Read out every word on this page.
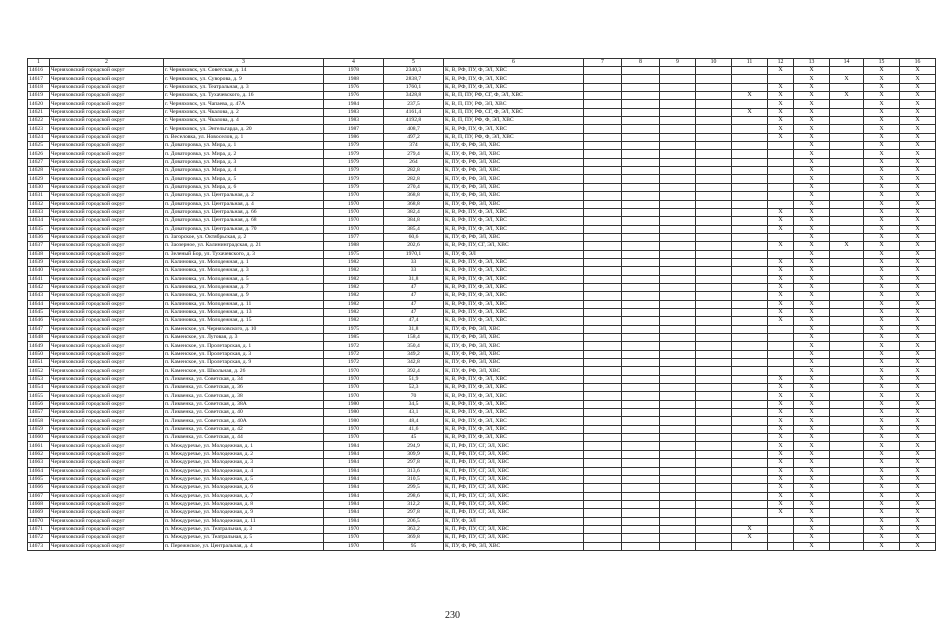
1	2	3	4	5	6	7	8	9	10	11	12	13	14	15	16
14616	Черняховский городской округ	г. Черняховск, ул. Советская, д. 14	1978	2340,3	К, В, РФ, ПУ, Ф, ЭЛ, ХВС						Х	Х		Х	Х
14617	Черняховский городской округ	г. Черняховск, ул. Суворова, д. 9	1988	2838,7	К, В, РФ, ПУ, Ф, ЭЛ, ХВС							Х	Х	Х	Х
14618	Черняховский городской округ	г. Черняховск, ул. Театральная, д. 3	1976	1760,1	К, В, РФ, ПУ, Ф, ЭЛ, ХВС						Х	Х		Х	Х
14619	Черняховский городской округ	г. Черняховск, ул. Тухачевского, д. 16	1976	3428,8	К, В, П, ПУ, РФ, СГ, Ф, ЭЛ, ХВС					Х	Х	Х	Х	Х	Х
14620	Черняховский городской округ	г. Черняховск, ул. Чапаева, д. 47А	1984	237,5	К, В, П, ПУ, РФ, ЭЛ, ХВС						Х	Х		Х	Х
14621	Черняховский городской округ	г. Черняховск, ул. Чкалова, д. 2	1983	4161,4	К, В, П, ПУ, РФ, СГ, Ф, ЭЛ, ХВС					Х	Х	Х		Х	Х
14622	Черняховский городской округ	г. Черняховск, ул. Чкалова, д. 4	1983	4192,8	К, В, П, ПУ, РФ, Ф, ЭЛ, ХВС						Х	Х		Х	Х
14623	Черняховский городской округ	г. Черняховск, ул. Энгельгарда, д. 20	1987	408,7	К, В, РФ, ПУ, Ф, ЭЛ, ХВС						Х	Х		Х	Х
14624	Черняховский городской округ	п. Веселовка, ул. Новоселов, д. 1	1986	497,2	К, В, П, ПУ, РФ, Ф, ЭЛ, ХВС						Х	Х		Х	Х
14625	Черняховский городской округ	п. Доватоpовка, ул. Мира, д. 1	1979	374	К, ПУ, Ф, РФ, ЭЛ, ХВС							Х		Х	Х
14626	Черняховский городской округ	п. Доватоpовка, ул. Мира, д. 2	1979	279,4	К, ПУ, Ф, РФ, ЭЛ, ХВС							Х		Х	Х
14627	Черняховский городской округ	п. Доватоpовка, ул. Мира, д. 3	1979	264	К, ПУ, Ф, РФ, ЭЛ, ХВС							Х		Х	Х
14628	Черняховский городской округ	п. Доватоpовка, ул. Мира, д. 4	1979	282,8	К, ПУ, Ф, РФ, ЭЛ, ХВС							Х		Х	Х
14629	Черняховский городской округ	п. Доватоpовка, ул. Мира, д. 5	1979	282,8	К, ПУ, Ф, РФ, ЭЛ, ХВС							Х		Х	Х
14630	Черняховский городской округ	п. Доватоpовка, ул. Мира, д. 6	1979	270,4	К, ПУ, Ф, РФ, ЭЛ, ХВС							Х		Х	Х
14631	Черняховский городской округ	п. Доватоpовка, ул. Центральная, д. 2	1970	368,8	К, ПУ, Ф, РФ, ЭЛ, ХВС							Х		Х	Х
14632	Черняховский городской округ	п. Доватоpовка, ул. Центральная, д. 4	1970	368,8	К, ПУ, Ф, РФ, ЭЛ, ХВС							Х		Х	Х
14633	Черняховский городской округ	п. Доватоpовка, ул. Центральная, д. 66	1970	382,4	К, В, РФ, ПУ, Ф, ЭЛ, ХВС						Х	Х		Х	Х
14634	Черняховский городской округ	п. Доватоpовка, ул. Центральная, д. 68	1970	384,8	К, В, РФ, ПУ, Ф, ЭЛ, ХВС						Х	Х		Х	Х
14635	Черняховский городской округ	п. Доватоpовка, ул. Центральная, д. 70	1970	385,4	К, В, РФ, ПУ, Ф, ЭЛ, ХВС						Х	Х		Х	Х
14636	Черняховский городской округ	п. Загорское, ул. Октябрьская, д. 2	1977	60,6	К, ПУ, Ф, РФ, ЭЛ, ХВС							Х		Х	Х
14637	Черняховский городской округ	п. Заозерное, ул. Калининградская, д. 21	1988	202,6	К, В, РФ, ПУ, СГ, ЭЛ, ХВС						Х	Х	Х	Х	Х
14638	Черняховский городской округ	п. Зеленый Бор, ул. Тухачевского, д. 3	1975	1970,1	К, ПУ, Ф, ЭЛ							Х		Х	Х
14639	Черняховский городской округ	п. Калиновка, ул. Молодежная, д. 1	1982	33	К, В, РФ, ПУ, Ф, ЭЛ, ХВС						Х	Х		Х	Х
14640	Черняховский городской округ	п. Калиновка, ул. Молодежная, д. 3	1982	33	К, В, РФ, ПУ, Ф, ЭЛ, ХВС						Х	Х		Х	Х
14641	Черняховский городской округ	п. Калиновка, ул. Молодежная, д. 5	1982	31,8	К, В, РФ, ПУ, Ф, ЭЛ, ХВС						Х	Х		Х	Х
14642	Черняховский городской округ	п. Калиновка, ул. Молодежная, д. 7	1982	47	К, В, РФ, ПУ, Ф, ЭЛ, ХВС						Х	Х		Х	Х
14643	Черняховский городской округ	п. Калиновка, ул. Молодежная, д. 9	1982	47	К, В, РФ, ПУ, Ф, ЭЛ, ХВС						Х	Х		Х	Х
14644	Черняховский городской округ	п. Калиновка, ул. Молодежная, д. 11	1982	47	К, В, РФ, ПУ, Ф, ЭЛ, ХВС						Х	Х		Х	Х
14645	Черняховский городской округ	п. Калиновка, ул. Молодежная, д. 13	1982	47	К, В, РФ, ПУ, Ф, ЭЛ, ХВС						Х	Х		Х	Х
14646	Черняховский городской округ	п. Калиновка, ул. Молодежная, д. 15	1982	47,4	К, В, РФ, ПУ, Ф, ЭЛ, ХВС						Х	Х		Х	Х
14647	Черняховский городской округ	п. Каменское, ул. Черняховского, д. 10	1975	31,8	К, ПУ, Ф, РФ, ЭЛ, ХВС							Х		Х	Х
14648	Черняховский городской округ	п. Каменское, ул. Луговая, д. 3	1985	158,4	К, ПУ, Ф, РФ, ЭЛ, ХВС							Х		Х	Х
14649	Черняховский городской округ	п. Каменское, ул. Пролетарская, д. 1	1972	350,4	К, ПУ, Ф, РФ, ЭЛ, ХВС							Х		Х	Х
14650	Черняховский городской округ	п. Каменское, ул. Пролетарская, д. 3	1972	349,2	К, ПУ, Ф, РФ, ЭЛ, ХВС							Х		Х	Х
14651	Черняховский городской округ	п. Каменское, ул. Пролетарская, д. 9	1972	342,8	К, ПУ, Ф, РФ, ЭЛ, ХВС							Х		Х	Х
14652	Черняховский городской округ	п. Каменское, ул. Школьная, д. 26	1970	392,4	К, ПУ, Ф, РФ, ЭЛ, ХВС							Х		Х	Х
14653	Черняховский городской округ	п. Ликвенка, ул. Советская, д. 34	1970	51,9	К, В, РФ, ПУ, Ф, ЭЛ, ХВС						Х	Х		Х	Х
14654	Черняховский городской округ	п. Ликвенка, ул. Советская, д. 36	1970	52,3	К, В, РФ, ПУ, Ф, ЭЛ, ХВС						Х	Х		Х	Х
14655	Черняховский городской округ	п. Ликвенка, ул. Советская, д. 38	1970	70	К, В, РФ, ПУ, Ф, ЭЛ, ХВС						Х	Х		Х	Х
14656	Черняховский городской округ	п. Ликвенка, ул. Советская, д. 38А	1980	34,5	К, В, РФ, ПУ, Ф, ЭЛ, ХВС						Х	Х		Х	Х
14657	Черняховский городской округ	п. Ликвенка, ул. Советская, д. 40	1980	43,1	К, В, РФ, ПУ, Ф, ЭЛ, ХВС						Х	Х		Х	Х
14658	Черняховский городской округ	п. Ликвенка, ул. Советская, д. 40А	1980	48,4	К, В, РФ, ПУ, Ф, ЭЛ, ХВС						Х	Х		Х	Х
14659	Черняховский городской округ	п. Ликвенка, ул. Советская, д. 42	1970	41,6	К, В, РФ, ПУ, Ф, ЭЛ, ХВС						Х	Х		Х	Х
14660	Черняховский городской округ	п. Ликвенка, ул. Советская, д. 44	1970	45	К, В, РФ, ПУ, Ф, ЭЛ, ХВС						Х	Х		Х	Х
14661	Черняховский городской округ	п. Междуречье, ул. Молодежная, д. 1	1984	294,9	К, П, РФ, ПУ, СГ, ЭЛ, ХВС						Х	Х		Х	Х
14662	Черняховский городской округ	п. Междуречье, ул. Молодежная, д. 2	1984	309,9	К, П, РФ, ПУ, СГ, ЭЛ, ХВС						Х	Х		Х	Х
14663	Черняховский городской округ	п. Междуречье, ул. Молодежная, д. 3	1984	297,8	К, П, РФ, ПУ, СГ, ЭЛ, ХВС						Х	Х		Х	Х
14664	Черняховский городской округ	п. Междуречье, ул. Молодежная, д. 4	1984	313,6	К, П, РФ, ПУ, СГ, ЭЛ, ХВС						Х	Х		Х	Х
14665	Черняховский городской округ	п. Междуречье, ул. Молодежная, д. 5	1984	310,5	К, П, РФ, ПУ, СГ, ЭЛ, ХВС						Х	Х		Х	Х
14666	Черняховский городской округ	п. Междуречье, ул. Молодежная, д. 6	1984	299,5	К, П, РФ, ПУ, СГ, ЭЛ, ХВС						Х	Х		Х	Х
14667	Черняховский городской округ	п. Междуречье, ул. Молодежная, д. 7	1984	298,6	К, П, РФ, ПУ, СГ, ЭЛ, ХВС						Х	Х		Х	Х
14668	Черняховский городской округ	п. Междуречье, ул. Молодежная, д. 8	1984	312,2	К, П, РФ, ПУ, СГ, ЭЛ, ХВС						Х	Х		Х	Х
14669	Черняховский городской округ	п. Междуречье, ул. Молодежная, д. 9	1984	297,8	К, П, РФ, ПУ, СГ, ЭЛ, ХВС						Х	Х		Х	Х
14670	Черняховский городской округ	п. Междуречье, ул. Молодежная, д. 11	1984	206,5	К, ПУ, Ф, ЭЛ							Х		Х	Х
14671	Черняховский городской округ	п. Междуречье, ул. Театральная, д. 3	1970	363,2	К, П, РФ, ПУ, СГ, ЭЛ, ХВС					Х		Х		Х	Х
14672	Черняховский городской округ	п. Междуречье, ул. Театральная, д. 5	1970	369,8	К, П, РФ, ПУ, СГ, ЭЛ, ХВС					Х		Х		Х	Х
14673	Черняховский городской округ	п. Пережнское, ул. Центральная, д. 4	1970	95	К, ПУ, Ф, РФ, ЭЛ, ХВС							Х		Х	Х
230
